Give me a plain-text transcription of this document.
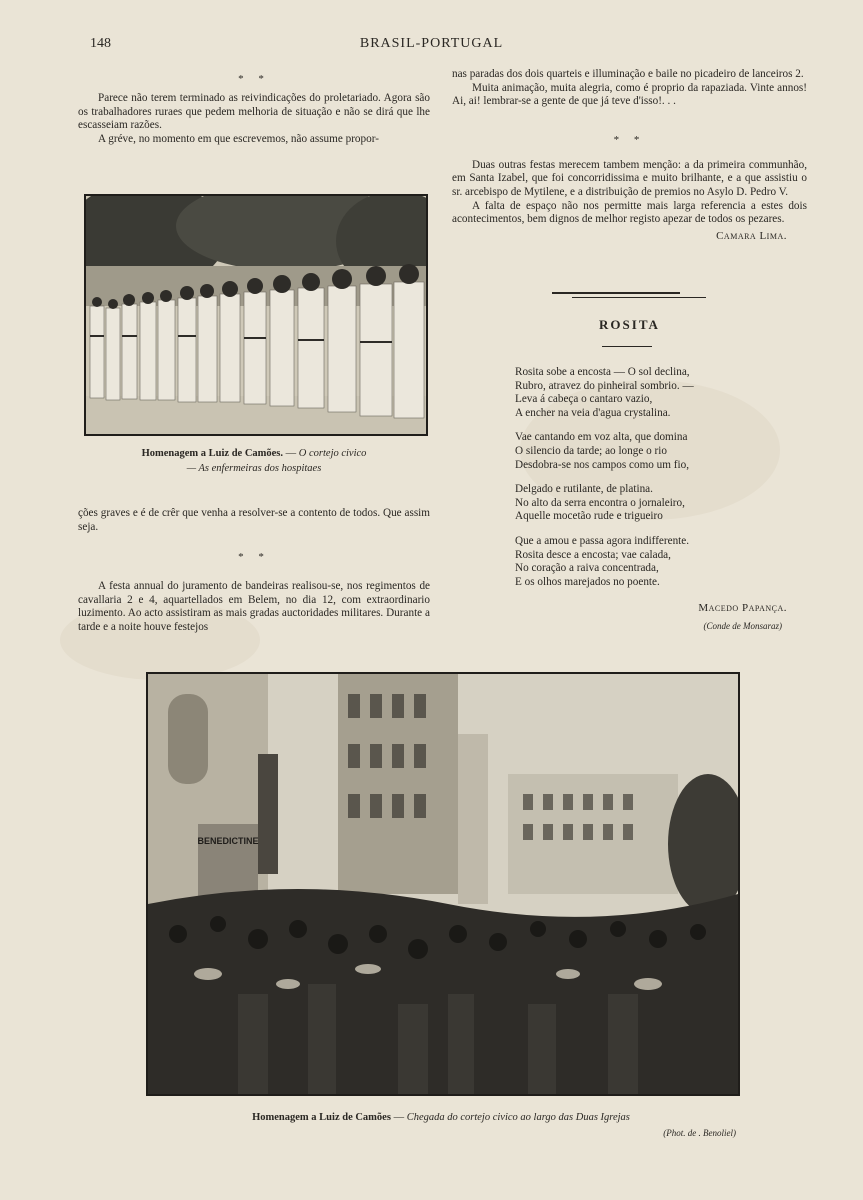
148	BRASIL-PORTUGAL
* *

Parece não terem terminado as reivindicações do proletariado. Agora são os trabalhadores ruraes que pedem melhoria de situação e não se dirá que lhe escasseiam razões.

A gréve, no momento em que escrevemos, não assume propor-

Homenagem a Luiz de Camões. — O cortejo civico
— As enfermeiras dos hospitaes

ções graves e é de crêr que venha a resolver-se a contento de todos. Que assim seja.

* *

A festa annual do juramento de bandeiras realisou-se, nos regimentos de cavallaria 2 e 4, aquartellados em Belem, no dia 12, com extraordinario luzimento. Ao acto assistiram as mais gradas auctoridades militares. Durante a tarde e a noite houve festejos

nas paradas dos dois quarteis e illuminação e baile no picadeiro de lanceiros 2.

Muita animação, muita alegria, como é proprio da rapaziada. Vinte annos! Ai, ai! lembrar-se a gente de que já teve d'isso!. . .

* *

Duas outras festas merecem tambem menção: a da primeira communhão, em Santa Izabel, que foi concorridissima e muito brilhante, e a que assistiu o sr. arcebispo de Mytilene, e a distribuição de premios no Asylo D. Pedro V.

A falta de espaço não nos permitte mais larga referencia a estes dois acontecimentos, bem dignos de melhor registo apezar de todos os pezares.

Camara Lima.
ROSITA

Rosita sobe a encosta — O sol declina,

Rubro, atravez do pinheiral sombrio. —

Leva á cabeça o cantaro vazio,

A encher na veia d'agua crystalina.

Vae cantando em voz alta, que domina

O silencio da tarde; ao longe o rio

Desdobra-se nos campos como um fio,

Delgado e rutilante, de platina.

No alto da serra encontra o jornaleiro,

Aquelle mocetão rude e trigueiro

Que a amou e passa agora indifferente.

Rosita desce a encosta; vae calada,

No coração a raiva concentrada,

E os olhos marejados no poente.

Macedo Papança.
(Conde de Monsaraz)
BENEDICTINE
Homenagem a Luiz de Camões — Chegada do cortejo civico ao largo das Duas Igrejas
(Phot. de . Benoliel)
